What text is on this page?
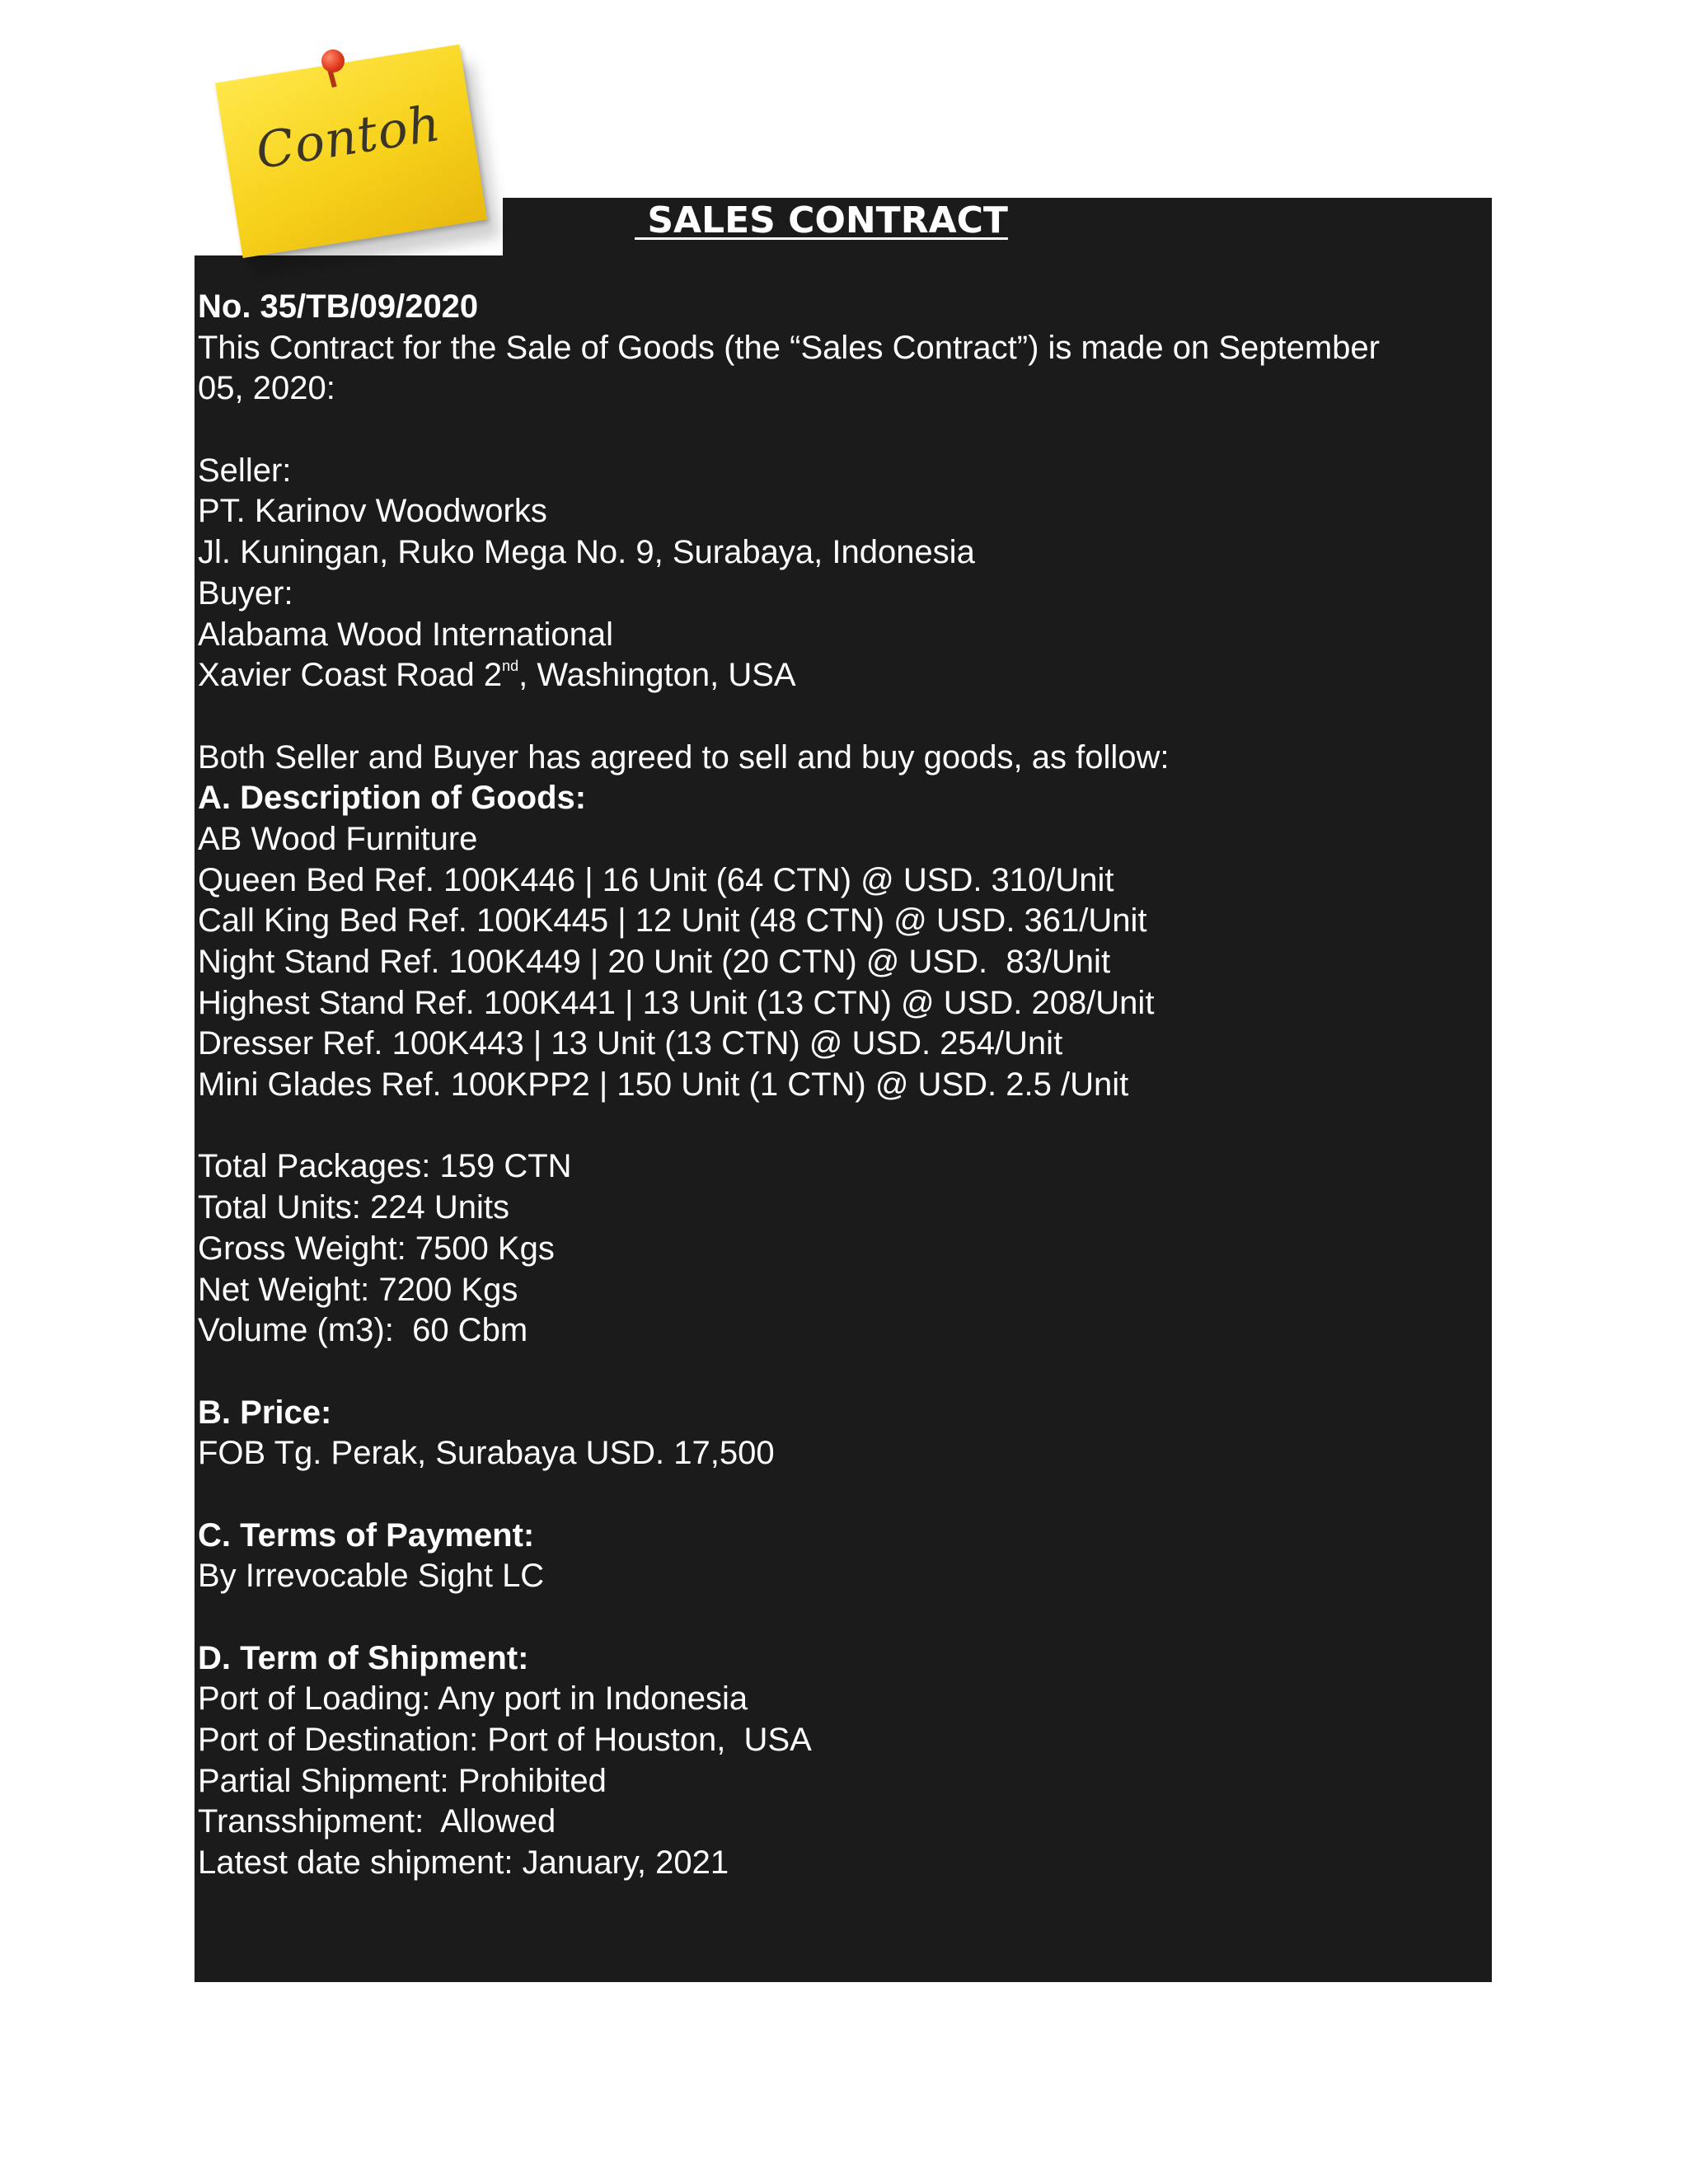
Contoh
SALES CONTRACT
No. 35/TB/09/2020
This Contract for the Sale of Goods (the “Sales Contract”) is made on September
05, 2020:
Seller:
PT. Karinov Woodworks
Jl. Kuningan, Ruko Mega No. 9, Surabaya, Indonesia
Buyer:
Alabama Wood International
Xavier Coast Road 2nd, Washington, USA
Both Seller and Buyer has agreed to sell and buy goods, as follow:
A. Description of Goods:
AB Wood Furniture
Queen Bed Ref. 100K446 | 16 Unit (64 CTN) @ USD. 310/Unit
Call King Bed Ref. 100K445 | 12 Unit (48 CTN) @ USD. 361/Unit
Night Stand Ref. 100K449 | 20 Unit (20 CTN) @ USD.  83/Unit
Highest Stand Ref. 100K441 | 13 Unit (13 CTN) @ USD. 208/Unit
Dresser Ref. 100K443 | 13 Unit (13 CTN) @ USD. 254/Unit
Mini Glades Ref. 100KPP2 | 150 Unit (1 CTN) @ USD. 2.5 /Unit
Total Packages: 159 CTN
Total Units: 224 Units
Gross Weight: 7500 Kgs
Net Weight: 7200 Kgs
Volume (m3):  60 Cbm
B. Price:
FOB Tg. Perak, Surabaya USD. 17,500
C. Terms of Payment:
By Irrevocable Sight LC
D. Term of Shipment:
Port of Loading: Any port in Indonesia
Port of Destination: Port of Houston,  USA
Partial Shipment: Prohibited
Transshipment:  Allowed
Latest date shipment: January, 2021
